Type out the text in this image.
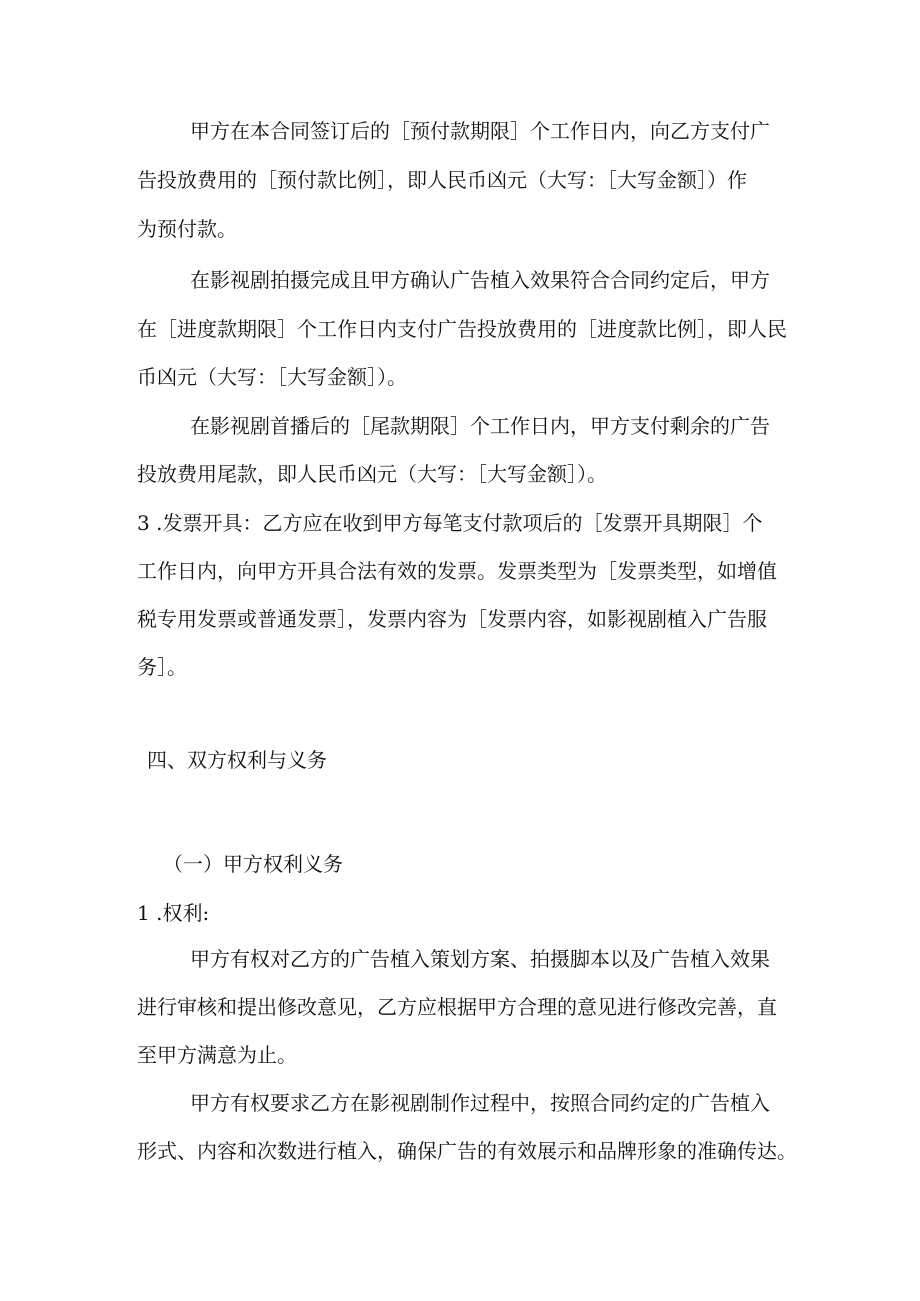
甲方在本合同签订后的［预付款期限］个工作日内，向乙方支付广
告投放费用的［预付款比例］，即人民币凶元（大写：［大写金额］）作
为预付款。
在影视剧拍摄完成且甲方确认广告植入效果符合合同约定后，甲方
在［进度款期限］个工作日内支付广告投放费用的［进度款比例］，即人民
币凶元（大写：［大写金额］）。
在影视剧首播后的［尾款期限］个工作日内，甲方支付剩余的广告
投放费用尾款，即人民币凶元（大写：［大写金额］）。
3 .发票开具：乙方应在收到甲方每笔支付款项后的［发票开具期限］个
工作日内，向甲方开具合法有效的发票。发票类型为［发票类型，如增值
税专用发票或普通发票］，发票内容为［发票内容，如影视剧植入广告服
务］。
四、双方权利与义务
（一）甲方权利义务
1 .权利:
甲方有权对乙方的广告植入策划方案、拍摄脚本以及广告植入效果
进行审核和提出修改意见，乙方应根据甲方合理的意见进行修改完善，直
至甲方满意为止。
甲方有权要求乙方在影视剧制作过程中，按照合同约定的广告植入
形式、内容和次数进行植入，确保广告的有效展示和品牌形象的准确传达。
